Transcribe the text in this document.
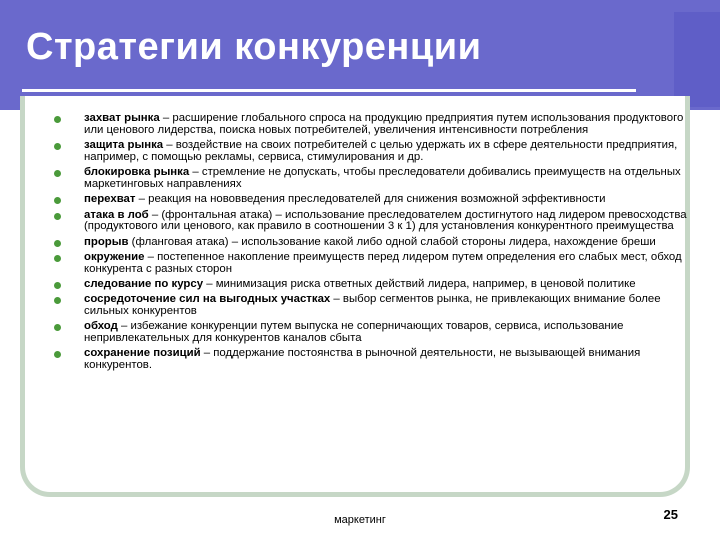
Стратегии конкуренции
захват рынка – расширение глобального спроса на продукцию предприятия путем использования продуктового или ценового лидерства, поиска новых потребителей, увеличения интенсивности потребления
защита рынка – воздействие на своих потребителей с целью удержать их в сфере деятельности предприятия, например, с помощью рекламы, сервиса, стимулирования и др.
блокировка рынка – стремление не допускать, чтобы преследователи добивались преимуществ на отдельных маркетинговых направлениях
перехват – реакция на нововведения преследователей для снижения возможной эффективности
атака в лоб – (фронтальная атака) – использование преследователем достигнутого над лидером превосходства (продуктового или ценового, как правило в соотношении 3 к 1) для установления конкурентного преимущества
прорыв (фланговая атака) – использование какой либо одной слабой стороны лидера, нахождение бреши
окружение – постепенное накопление преимуществ перед лидером путем определения его слабых мест, обход конкурента с разных сторон
следование по курсу – минимизация риска ответных действий лидера, например, в ценовой политике
сосредоточение сил на выгодных участках – выбор сегментов рынка, не привлекающих внимание более сильных конкурентов
обход – избежание конкуренции путем выпуска не соперничающих товаров, сервиса, использование непривлекательных для конкурентов каналов сбыта
сохранение позиций – поддержание постоянства в рыночной деятельности, не вызывающей внимания конкурентов.
маркетинг	25
